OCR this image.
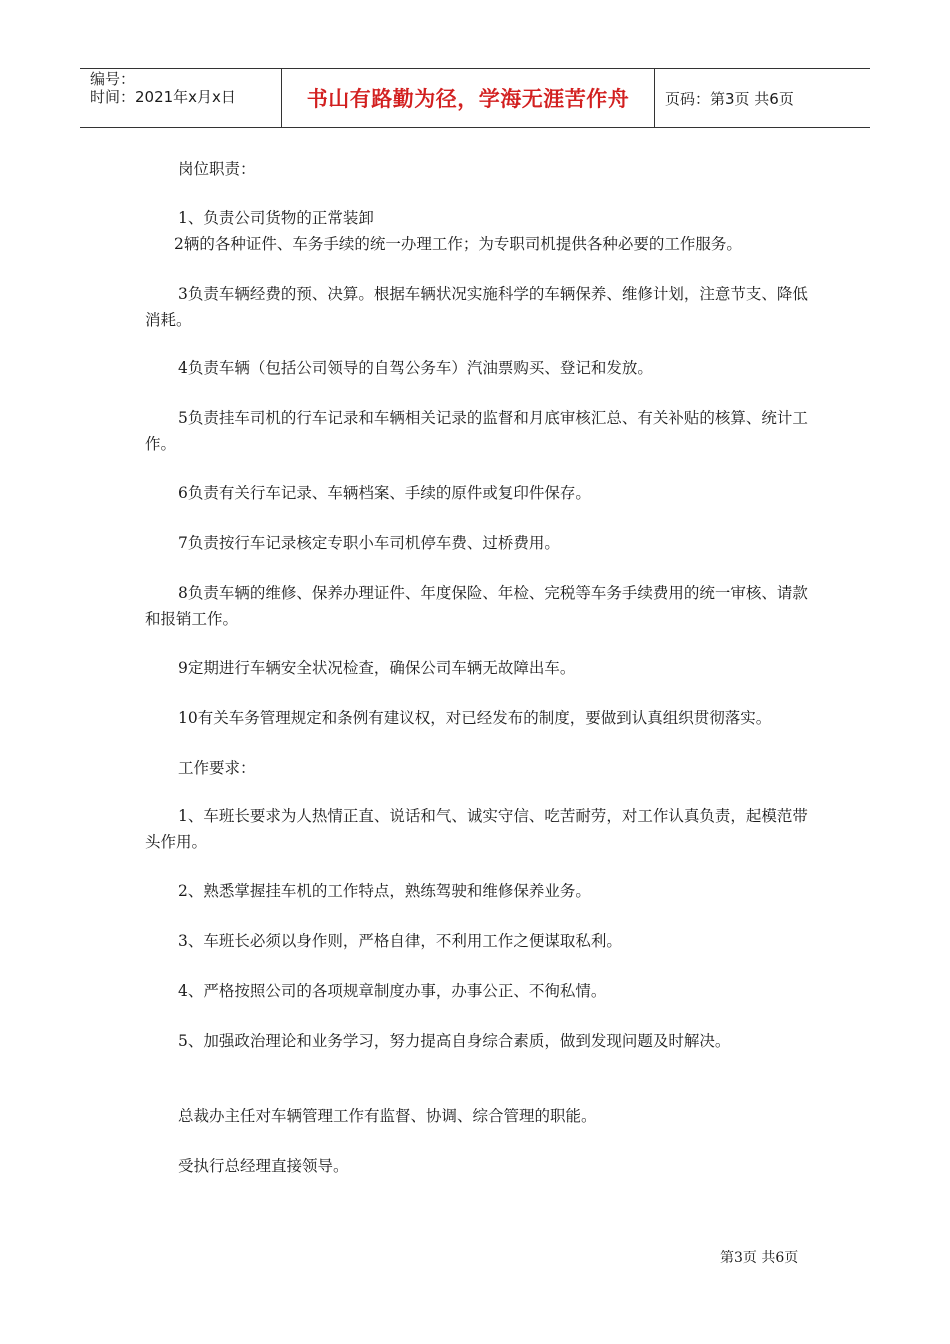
编号：
时间：2021年x月x日	书山有路勤为径，学海无涯苦作舟	页码：第3页 共6页

岗位职责：

1、负责公司货物的正常装卸

2辆的各种证件、车务手续的统一办理工作；为专职司机提供各种必要的工作服务。

3负责车辆经费的预、决算。根据车辆状况实施科学的车辆保养、维修计划，注意节支、降低消耗。

4负责车辆（包括公司领导的自驾公务车）汽油票购买、登记和发放。

5负责挂车司机的行车记录和车辆相关记录的监督和月底审核汇总、有关补贴的核算、统计工作。

6负责有关行车记录、车辆档案、手续的原件或复印件保存。

7负责按行车记录核定专职小车司机停车费、过桥费用。

8负责车辆的维修、保养办理证件、年度保险、年检、完税等车务手续费用的统一审核、请款和报销工作。

9定期进行车辆安全状况检查，确保公司车辆无故障出车。

10有关车务管理规定和条例有建议权，对已经发布的制度，要做到认真组织贯彻落实。

工作要求：

1、车班长要求为人热情正直、说话和气、诚实守信、吃苦耐劳，对工作认真负责，起模范带头作用。

2、熟悉掌握挂车机的工作特点，熟练驾驶和维修保养业务。

3、车班长必须以身作则，严格自律，不利用工作之便谋取私利。

4、严格按照公司的各项规章制度办事，办事公正、不徇私情。

5、加强政治理论和业务学习，努力提高自身综合素质，做到发现问题及时解决。

总裁办主任对车辆管理工作有监督、协调、综合管理的职能。

受执行总经理直接领导。

第3页 共6页
